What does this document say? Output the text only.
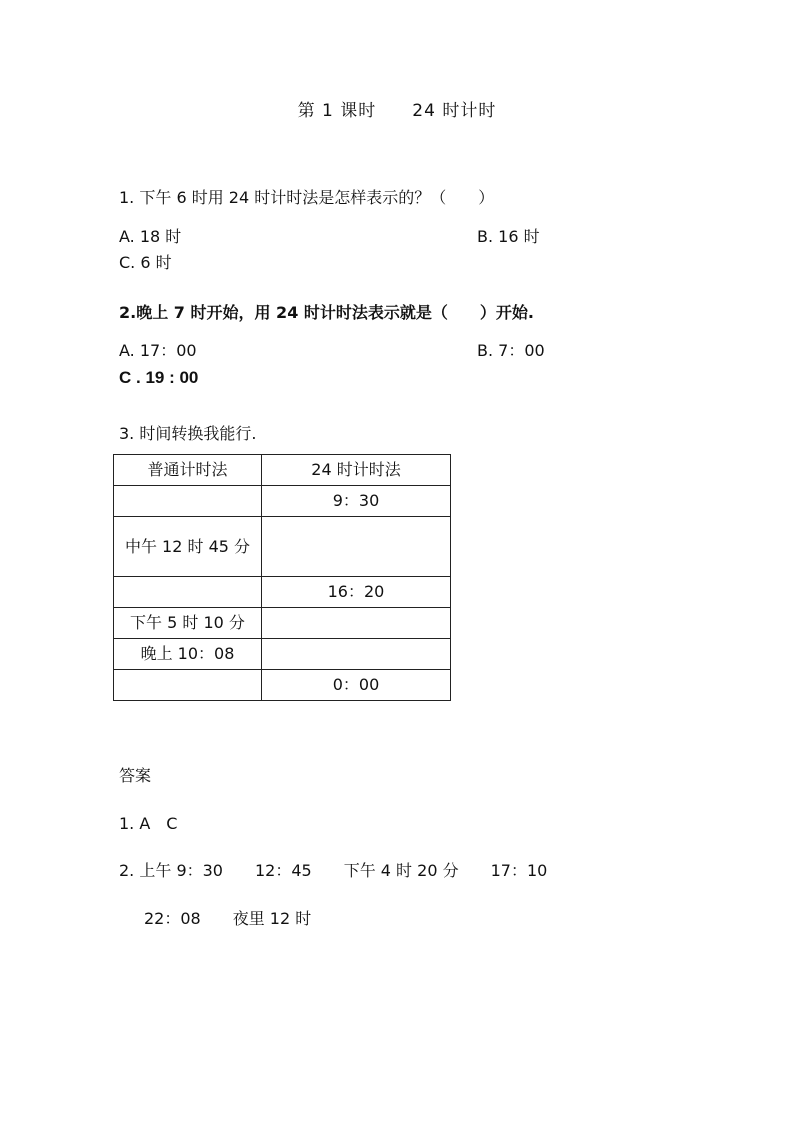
第 1 课时　　24 时计时
1. 下午 6 时用 24 时计时法是怎样表示的？（　　）
A. 18 时	B. 16 时
C. 6 时
2.晚上 7 时开始，用 24 时计时法表示就是（　　）开始.
A. 17：00	B. 7：00
C . 19 : 00
3. 时间转换我能行.
普通计时法	24 时计时法
	9：30
中午 12 时 45 分	
	16：20
下午 5 时 10 分	
晚上 10：08	
	0：00
答案
1. A　C
2. 上午 9：30　　12：45　　下午 4 时 20 分　　17：10
22：08　　夜里 12 时
